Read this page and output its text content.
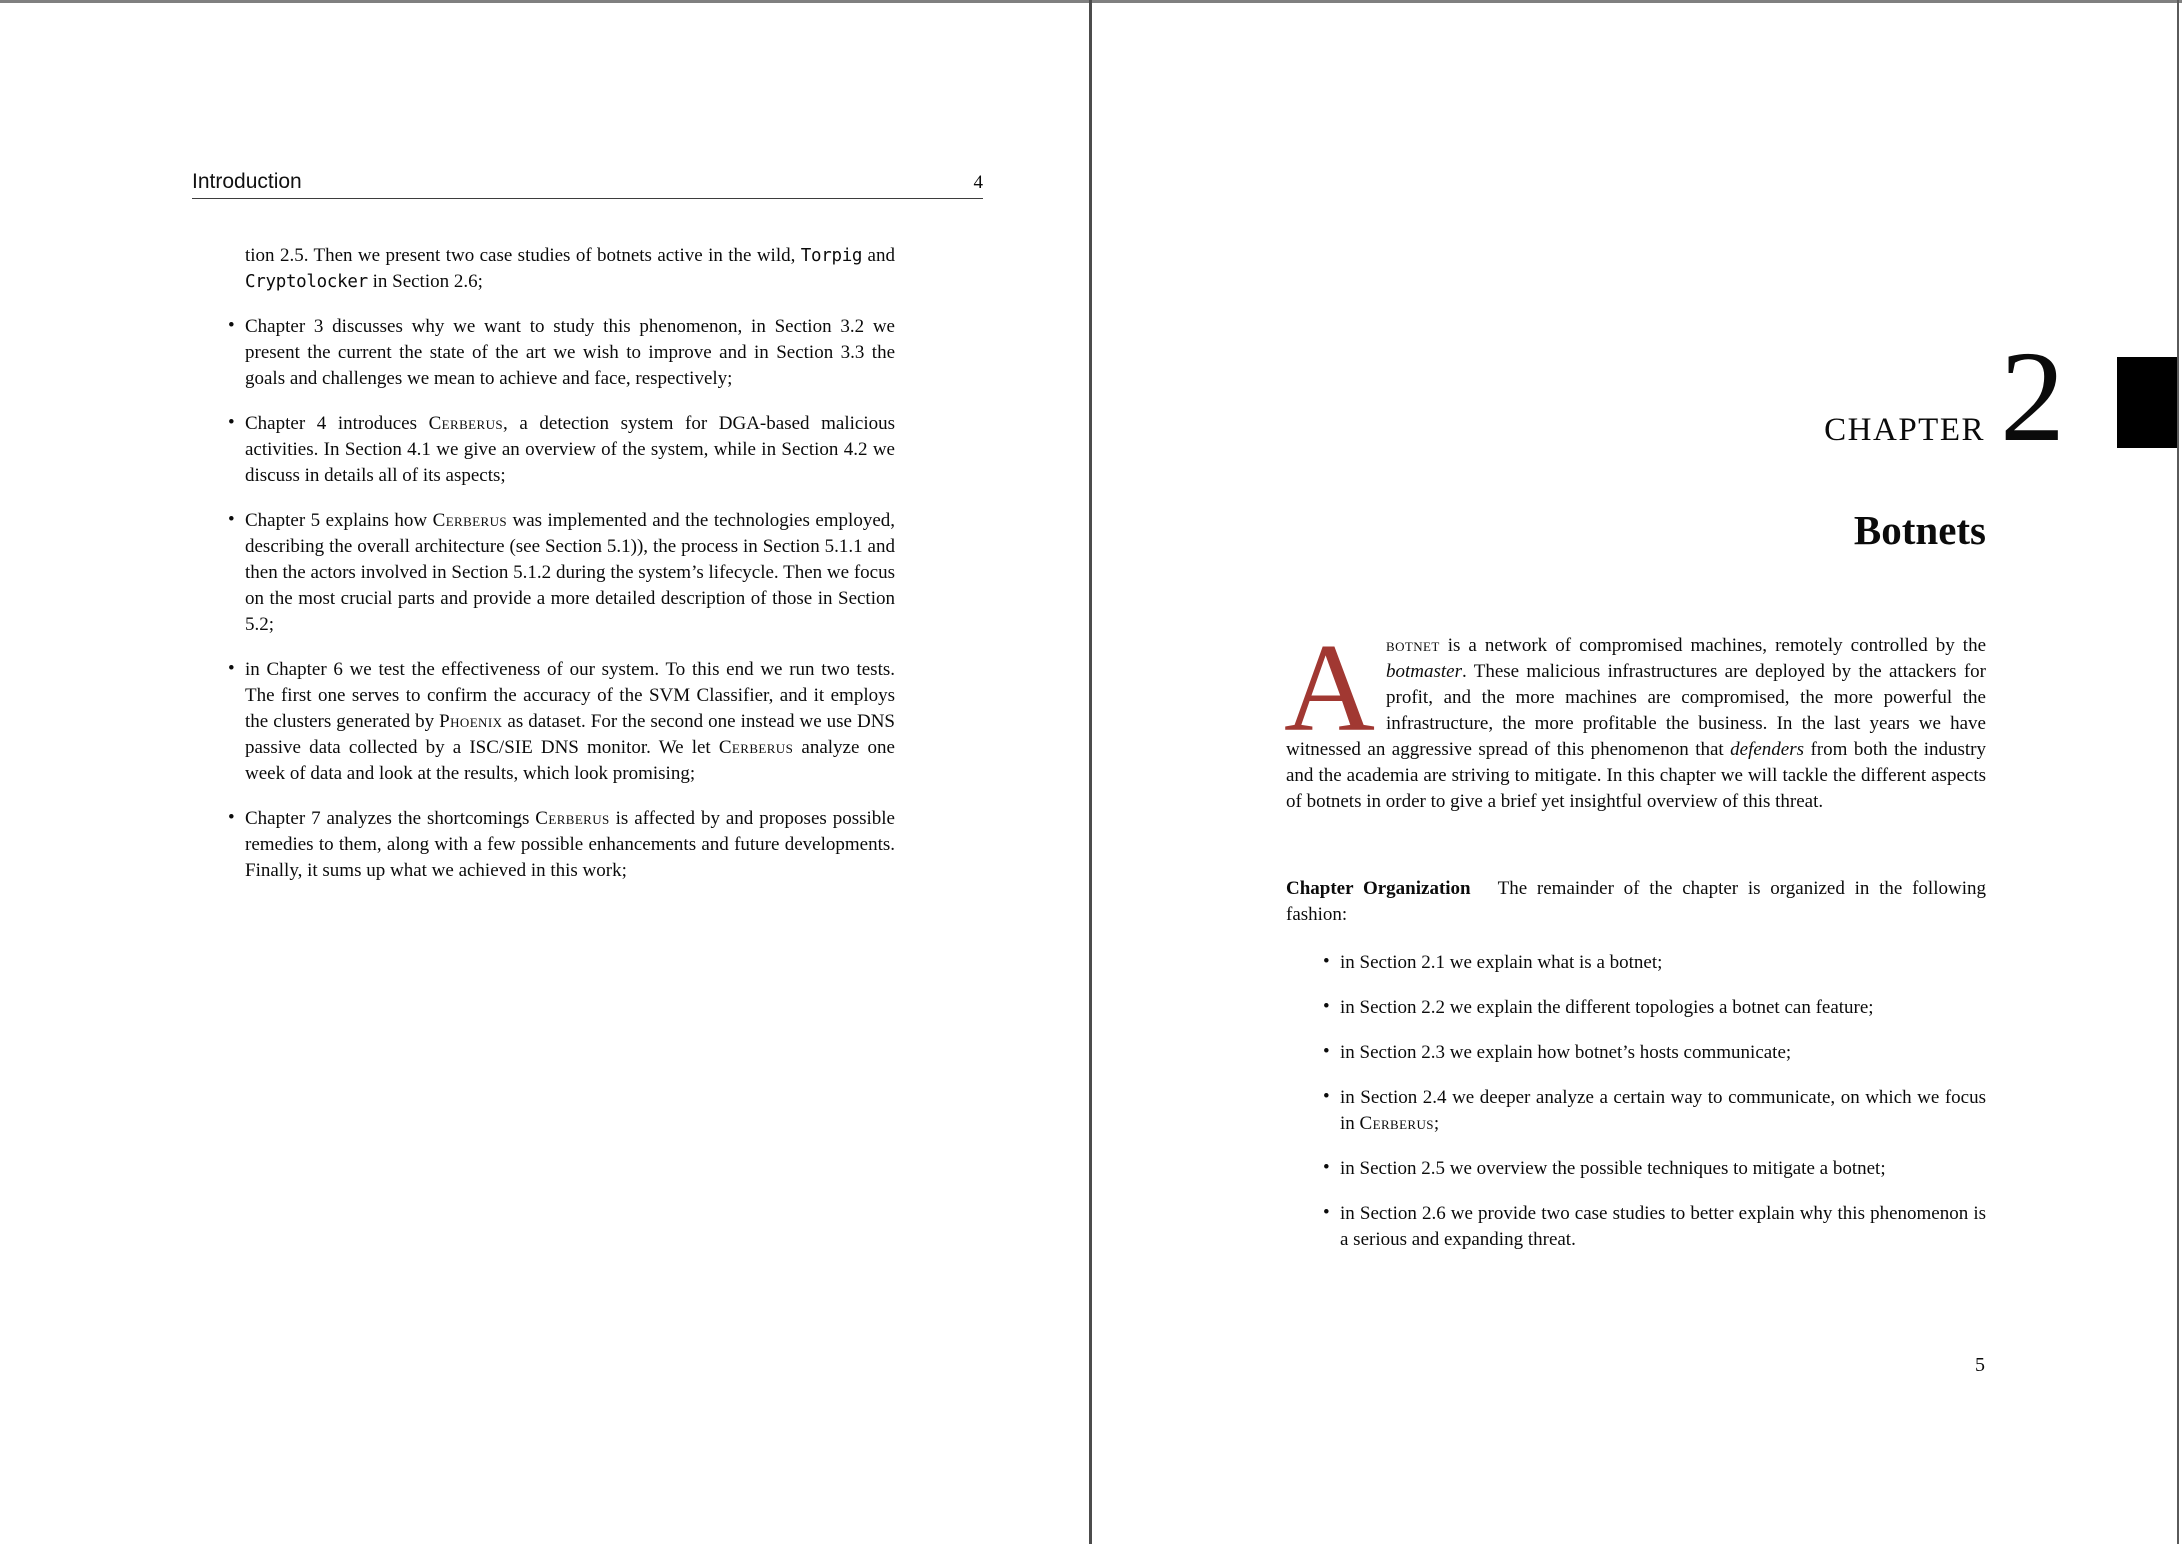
Introduction	4
tion 2.5. Then we present two case studies of botnets active in the wild, Torpig and Cryptolocker in Section 2.6;
• Chapter 3 discusses why we want to study this phenomenon, in Section 3.2 we present the current the state of the art we wish to improve and in Section 3.3 the goals and challenges we mean to achieve and face, respectively;
• Chapter 4 introduces Cerberus, a detection system for DGA-based malicious activities. In Section 4.1 we give an overview of the system, while in Section 4.2 we discuss in details all of its aspects;
• Chapter 5 explains how Cerberus was implemented and the technologies employed, describing the overall architecture (see Section 5.1)), the process in Section 5.1.1 and then the actors involved in Section 5.1.2 during the system’s lifecycle. Then we focus on the most crucial parts and provide a more detailed description of those in Section 5.2;
• in Chapter 6 we test the effectiveness of our system. To this end we run two tests. The first one serves to confirm the accuracy of the SVM Classifier, and it employs the clusters generated by Phoenix as dataset. For the second one instead we use DNS passive data collected by a ISC/SIE DNS monitor. We let Cerberus analyze one week of data and look at the results, which look promising;
• Chapter 7 analyzes the shortcomings Cerberus is affected by and proposes possible remedies to them, along with a few possible enhancements and future developments. Finally, it sums up what we achieved in this work;
CHAPTER 2
Botnets
A botnet is a network of compromised machines, remotely controlled by the botmaster. These malicious infrastructures are deployed by the attackers for profit, and the more machines are compromised, the more powerful the infrastructure, the more profitable the business. In the last years we have witnessed an aggressive spread of this phenomenon that defenders from both the industry and the academia are striving to mitigate. In this chapter we will tackle the different aspects of botnets in order to give a brief yet insightful overview of this threat.
Chapter Organization The remainder of the chapter is organized in the following fashion:
• in Section 2.1 we explain what is a botnet;
• in Section 2.2 we explain the different topologies a botnet can feature;
• in Section 2.3 we explain how botnet’s hosts communicate;
• in Section 2.4 we deeper analyze a certain way to communicate, on which we focus in Cerberus;
• in Section 2.5 we overview the possible techniques to mitigate a botnet;
• in Section 2.6 we provide two case studies to better explain why this phenomenon is a serious and expanding threat.
5
